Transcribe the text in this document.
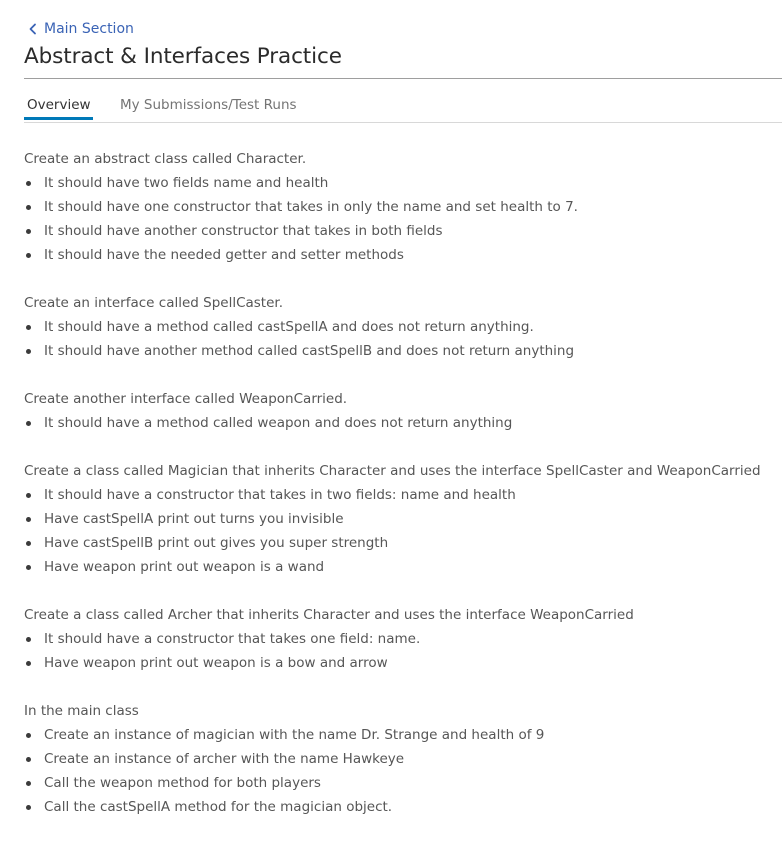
Main Section
Abstract & Interfaces Practice
Overview My Submissions/Test Runs

Create an abstract class called Character.

It should have two fields name and health
It should have one constructor that takes in only the name and set health to 7.
It should have another constructor that takes in both fields
It should have the needed getter and setter methods

Create an interface called SpellCaster.

It should have a method called castSpellA and does not return anything.
It should have another method called castSpellB and does not return anything

Create another interface called WeaponCarried.

It should have a method called weapon and does not return anything

Create a class called Magician that inherits Character and uses the interface SpellCaster and WeaponCarried

It should have a constructor that takes in two fields: name and health
Have castSpellA print out turns you invisible
Have castSpellB print out gives you super strength
Have weapon print out weapon is a wand

Create a class called Archer that inherits Character and uses the interface WeaponCarried

It should have a constructor that takes one field: name.
Have weapon print out weapon is a bow and arrow

In the main class

Create an instance of magician with the name Dr. Strange and health of 9
Create an instance of archer with the name Hawkeye
Call the weapon method for both players
Call the castSpellA method for the magician object.
